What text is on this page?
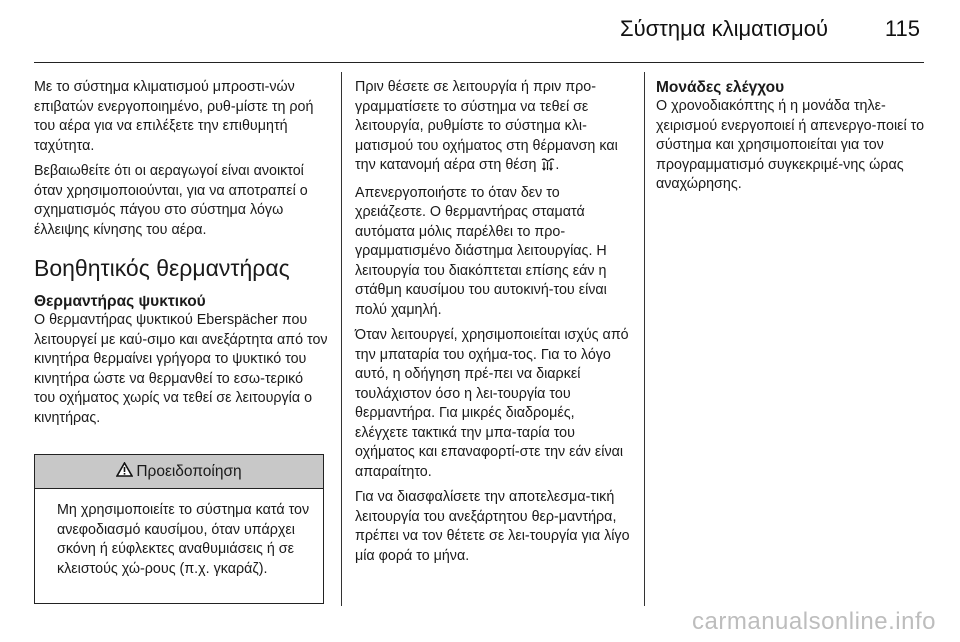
Σύστημα κλιματισμού	115

Με το σύστημα κλιματισμού μπροστι-νών επιβατών ενεργοποιημένο, ρυθ-μίστε τη ροή του αέρα για να επιλέξετε την επιθυμητή ταχύτητα.

Βεβαιωθείτε ότι οι αεραγωγοί είναι ανοικτοί όταν χρησιμοποιούνται, για να αποτραπεί ο σχηματισμός πάγου στο σύστημα λόγω έλλειψης κίνησης του αέρα.

Βοηθητικός θερμαντήρας
Θερμαντήρας ψυκτικού

Ο θερμαντήρας ψυκτικού Eberspächer που λειτουργεί με καύ-σιμο και ανεξάρτητα από τον κινητήρα θερμαίνει γρήγορα το ψυκτικό του κινητήρα ώστε να θερμανθεί το εσω-τερικό του οχήματος χωρίς να τεθεί σε λειτουργία ο κινητήρας.

Προειδοποίηση
Μη χρησιμοποιείτε το σύστημα κατά τον ανεφοδιασμό καυσίμου, όταν υπάρχει σκόνη ή εύφλεκτες αναθυμιάσεις ή σε κλειστούς χώ-ρους (π.χ. γκαράζ).

Πριν θέσετε σε λειτουργία ή πριν προ-γραμματίσετε το σύστημα να τεθεί σε λειτουργία, ρυθμίστε το σύστημα κλι-ματισμού του οχήματος στη θέρμανση και την κατανομή αέρα στη θέση .

Απενεργοποιήστε το όταν δεν το χρειάζεστε. Ο θερμαντήρας σταματά αυτόματα μόλις παρέλθει το προ-γραμματισμένο διάστημα λειτουργίας. Η λειτουργία του διακόπτεται επίσης εάν η στάθμη καυσίμου του αυτοκινή-του είναι πολύ χαμηλή.

Όταν λειτουργεί, χρησιμοποιείται ισχύς από την μπαταρία του οχήμα-τος. Για το λόγο αυτό, η οδήγηση πρέ-πει να διαρκεί τουλάχιστον όσο η λει-τουργία του θερμαντήρα. Για μικρές διαδρομές, ελέγχετε τακτικά την μπα-ταρία του οχήματος και επαναφορτί-στε την εάν είναι απαραίτητο.

Για να διασφαλίσετε την αποτελεσμα-τική λειτουργία του ανεξάρτητου θερ-μαντήρα, πρέπει να τον θέτετε σε λει-τουργία για λίγο μία φορά το μήνα.

Μονάδες ελέγχου

Ο χρονοδιακόπτης ή η μονάδα τηλε-χειρισμού ενεργοποιεί ή απενεργο-ποιεί το σύστημα και χρησιμοποιείται για τον προγραμματισμό συγκεκριμέ-νης ώρας αναχώρησης.

carmanualsonline.info
